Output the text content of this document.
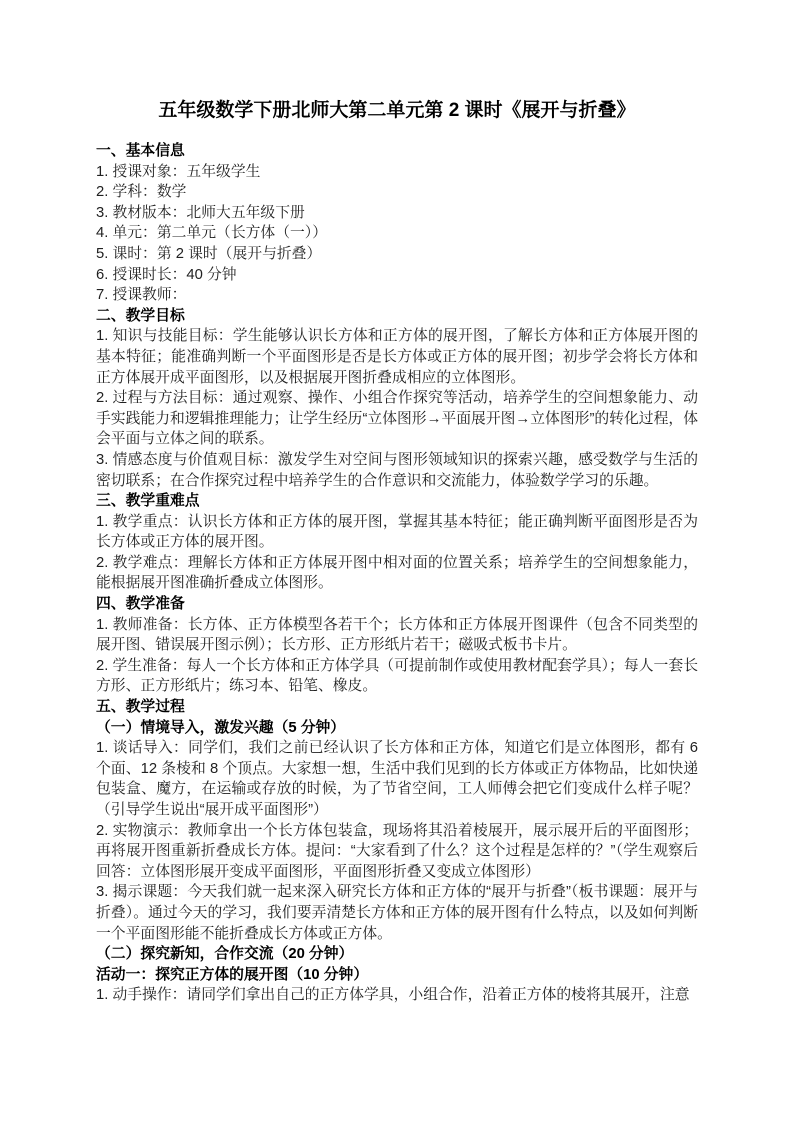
五年级数学下册北师大第二单元第 2 课时《展开与折叠》
一、基本信息

1. 授课对象：五年级学生

2. 学科：数学

3. 教材版本：北师大五年级下册

4. 单元：第二单元（长方体（一））

5. 课时：第 2 课时（展开与折叠）

6. 授课时长：40 分钟

7. 授课教师：

二、教学目标

1. 知识与技能目标：学生能够认识长方体和正方体的展开图，了解长方体和正方体展开图的基本特征；能准确判断一个平面图形是否是长方体或正方体的展开图；初步学会将长方体和正方体展开成平面图形，以及根据展开图折叠成相应的立体图形。

2. 过程与方法目标：通过观察、操作、小组合作探究等活动，培养学生的空间想象能力、动手实践能力和逻辑推理能力；让学生经历“立体图形→平面展开图→立体图形”的转化过程，体会平面与立体之间的联系。

3. 情感态度与价值观目标：激发学生对空间与图形领域知识的探索兴趣，感受数学与生活的密切联系；在合作探究过程中培养学生的合作意识和交流能力，体验数学学习的乐趣。

三、教学重难点

1. 教学重点：认识长方体和正方体的展开图，掌握其基本特征；能正确判断平面图形是否为长方体或正方体的展开图。

2. 教学难点：理解长方体和正方体展开图中相对面的位置关系；培养学生的空间想象能力，能根据展开图准确折叠成立体图形。

四、教学准备

1. 教师准备：长方体、正方体模型各若干个；长方体和正方体展开图课件（包含不同类型的展开图、错误展开图示例）；长方形、正方形纸片若干；磁吸式板书卡片。

2. 学生准备：每人一个长方体和正方体学具（可提前制作或使用教材配套学具）；每人一套长方形、正方形纸片；练习本、铅笔、橡皮。

五、教学过程
（一）情境导入，激发兴趣（5 分钟）

1. 谈话导入：同学们，我们之前已经认识了长方体和正方体，知道它们是立体图形，都有 6 个面、12 条棱和 8 个顶点。大家想一想，生活中我们见到的长方体或正方体物品，比如快递包装盒、魔方，在运输或存放的时候，为了节省空间，工人师傅会把它们变成什么样子呢？（引导学生说出“展开成平面图形”）

2. 实物演示：教师拿出一个长方体包装盒，现场将其沿着棱展开，展示展开后的平面图形；再将展开图重新折叠成长方体。提问：“大家看到了什么？这个过程是怎样的？”（学生观察后回答：立体图形展开变成平面图形，平面图形折叠又变成立体图形）

3. 揭示课题：今天我们就一起来深入研究长方体和正方体的“展开与折叠”（板书课题：展开与折叠）。通过今天的学习，我们要弄清楚长方体和正方体的展开图有什么特点，以及如何判断一个平面图形能不能折叠成长方体或正方体。

（二）探究新知，合作交流（20 分钟）
活动一：探究正方体的展开图（10 分钟）

1. 动手操作：请同学们拿出自己的正方体学具，小组合作，沿着正方体的棱将其展开，注意
